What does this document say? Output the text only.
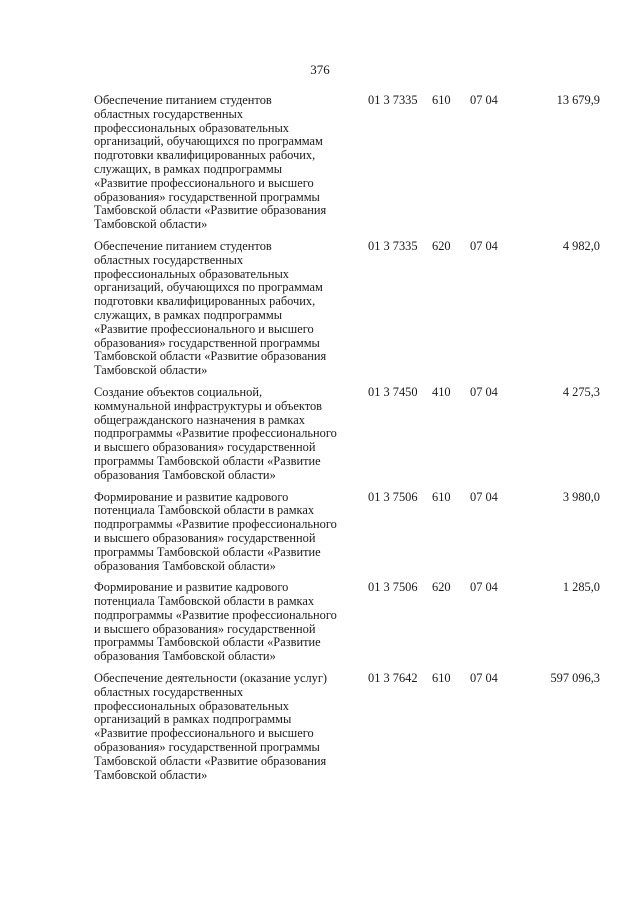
376
Обеспечение питанием студентов
областных государственных
профессиональных образовательных
организаций, обучающихся по программам
подготовки квалифицированных рабочих,
служащих, в рамках подпрограммы
«Развитие профессионального и высшего
образования» государственной программы
Тамбовской области «Развитие образования
Тамбовской области»
01 3 7335 610 07 04	13 679,9
Обеспечение питанием студентов
областных государственных
профессиональных образовательных
организаций, обучающихся по программам
подготовки квалифицированных рабочих,
служащих, в рамках подпрограммы
«Развитие профессионального и высшего
образования» государственной программы
Тамбовской области «Развитие образования
Тамбовской области»
01 3 7335 620 07 04	4 982,0
Создание объектов социальной,
коммунальной инфраструктуры и объектов
общегражданского назначения в рамках
подпрограммы «Развитие профессионального
и высшего образования» государственной
программы Тамбовской области «Развитие
образования Тамбовской области»
01 3 7450 410 07 04	4 275,3
Формирование и развитие кадрового
потенциала Тамбовской области в рамках
подпрограммы «Развитие профессионального
и высшего образования» государственной
программы Тамбовской области «Развитие
образования Тамбовской области»
01 3 7506 610 07 04	3 980,0
Формирование и развитие кадрового
потенциала Тамбовской области в рамках
подпрограммы «Развитие профессионального
и высшего образования» государственной
программы Тамбовской области «Развитие
образования Тамбовской области»
01 3 7506 620 07 04	1 285,0
Обеспечение деятельности (оказание услуг)
областных государственных
профессиональных образовательных
организаций в рамках подпрограммы
«Развитие профессионального и высшего
образования» государственной программы
Тамбовской области «Развитие образования
Тамбовской области»
01 3 7642 610 07 04	597 096,3
